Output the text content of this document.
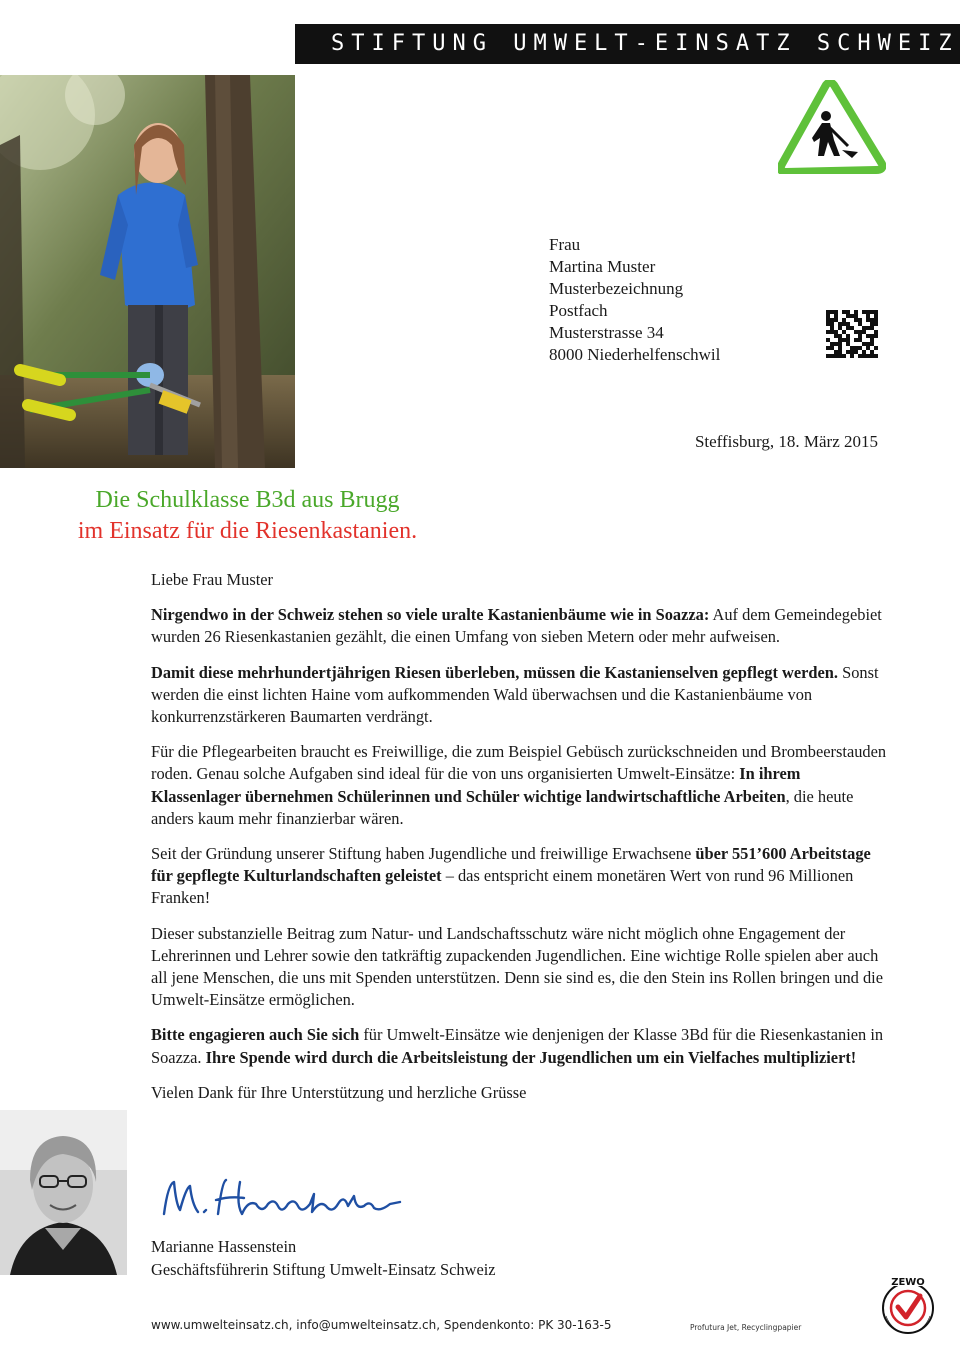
STIFTUNG UMWELT-EINSATZ SCHWEIZ
Frau
Martina Muster
Musterbezeichnung
Postfach
Musterstrasse 34
8000 Niederhelfenschwil
Steffisburg, 18. März 2015
Die Schulklasse B3d aus Brugg
im Einsatz für die Riesenkastanien.

Liebe Frau Muster

Nirgendwo in der Schweiz stehen so viele uralte Kastanienbäume wie in Soazza: Auf dem Gemeindegebiet wurden 26 Riesenkastanien gezählt, die einen Umfang von sieben Metern oder mehr aufweisen.

Damit diese mehrhundertjährigen Riesen überleben, müssen die Kastanienselven gepflegt werden. Sonst werden die einst lichten Haine vom aufkommenden Wald überwachsen und die Kastanienbäume von konkurrenzstärkeren Baumarten verdrängt.

Für die Pflegearbeiten braucht es Freiwillige, die zum Beispiel Gebüsch zurückschneiden und Brombeerstauden roden. Genau solche Aufgaben sind ideal für die von uns organisierten Umwelt-Einsätze: In ihrem Klassenlager übernehmen Schülerinnen und Schüler wichtige landwirtschaftliche Arbeiten, die heute anders kaum mehr finanzierbar wären.

Seit der Gründung unserer Stiftung haben Jugendliche und freiwillige Erwachsene über 551’600 Arbeitstage für gepflegte Kulturlandschaften geleistet – das entspricht einem monetären Wert von rund 96 Millionen Franken!

Dieser substanzielle Beitrag zum Natur- und Landschaftsschutz wäre nicht möglich ohne Engagement der Lehrerinnen und Lehrer sowie den tatkräftig zupackenden Jugendlichen. Eine wichtige Rolle spielen aber auch all jene Menschen, die uns mit Spenden unterstützen. Denn sie sind es, die den Stein ins Rollen bringen und die Umwelt-Einsätze ermöglichen.

Bitte engagieren auch Sie sich für Umwelt-Einsätze wie denjenigen der Klasse 3Bd für die Riesenkastanien in Soazza. Ihre Spende wird durch die Arbeitsleistung der Jugendlichen um ein Vielfaches multipliziert!

Vielen Dank für Ihre Unterstützung und herzliche Grüsse

Marianne Hassenstein
Geschäftsführerin Stiftung Umwelt-Einsatz Schweiz
www.umwelteinsatz.ch, info@umwelteinsatz.ch, Spendenkonto: PK 30-163-5	Profutura Jet, Recyclingpapier
ZEWO
